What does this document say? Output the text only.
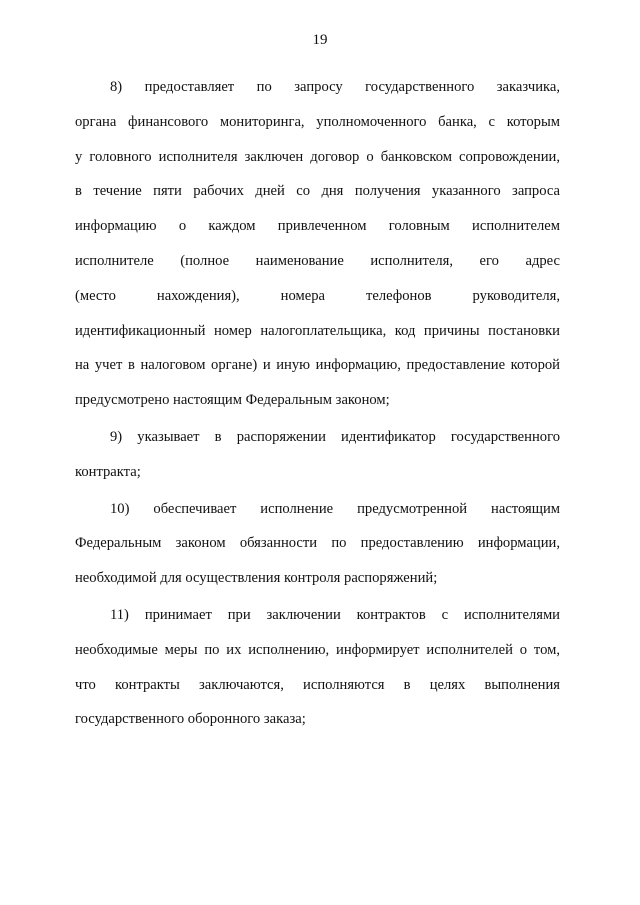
19
8) предоставляет по запросу государственного заказчика,
органа финансового мониторинга, уполномоченного банка, с которым
у головного исполнителя заключен договор о банковском сопровождении,
в течение пяти рабочих дней со дня получения указанного запроса
информацию о каждом привлеченном головным исполнителем
исполнителе (полное наименование исполнителя, его адрес
(место нахождения), номера телефонов руководителя,
идентификационный номер налогоплательщика, код причины постановки
на учет в налоговом органе) и иную информацию, предоставление которой
предусмотрено настоящим Федеральным законом;
9) указывает в распоряжении идентификатор государственного
контракта;
10) обеспечивает исполнение предусмотренной настоящим
Федеральным законом обязанности по предоставлению информации,
необходимой для осуществления контроля распоряжений;
11) принимает при заключении контрактов с исполнителями
необходимые меры по их исполнению, информирует исполнителей о том,
что контракты заключаются, исполняются в целях выполнения
государственного оборонного заказа;
